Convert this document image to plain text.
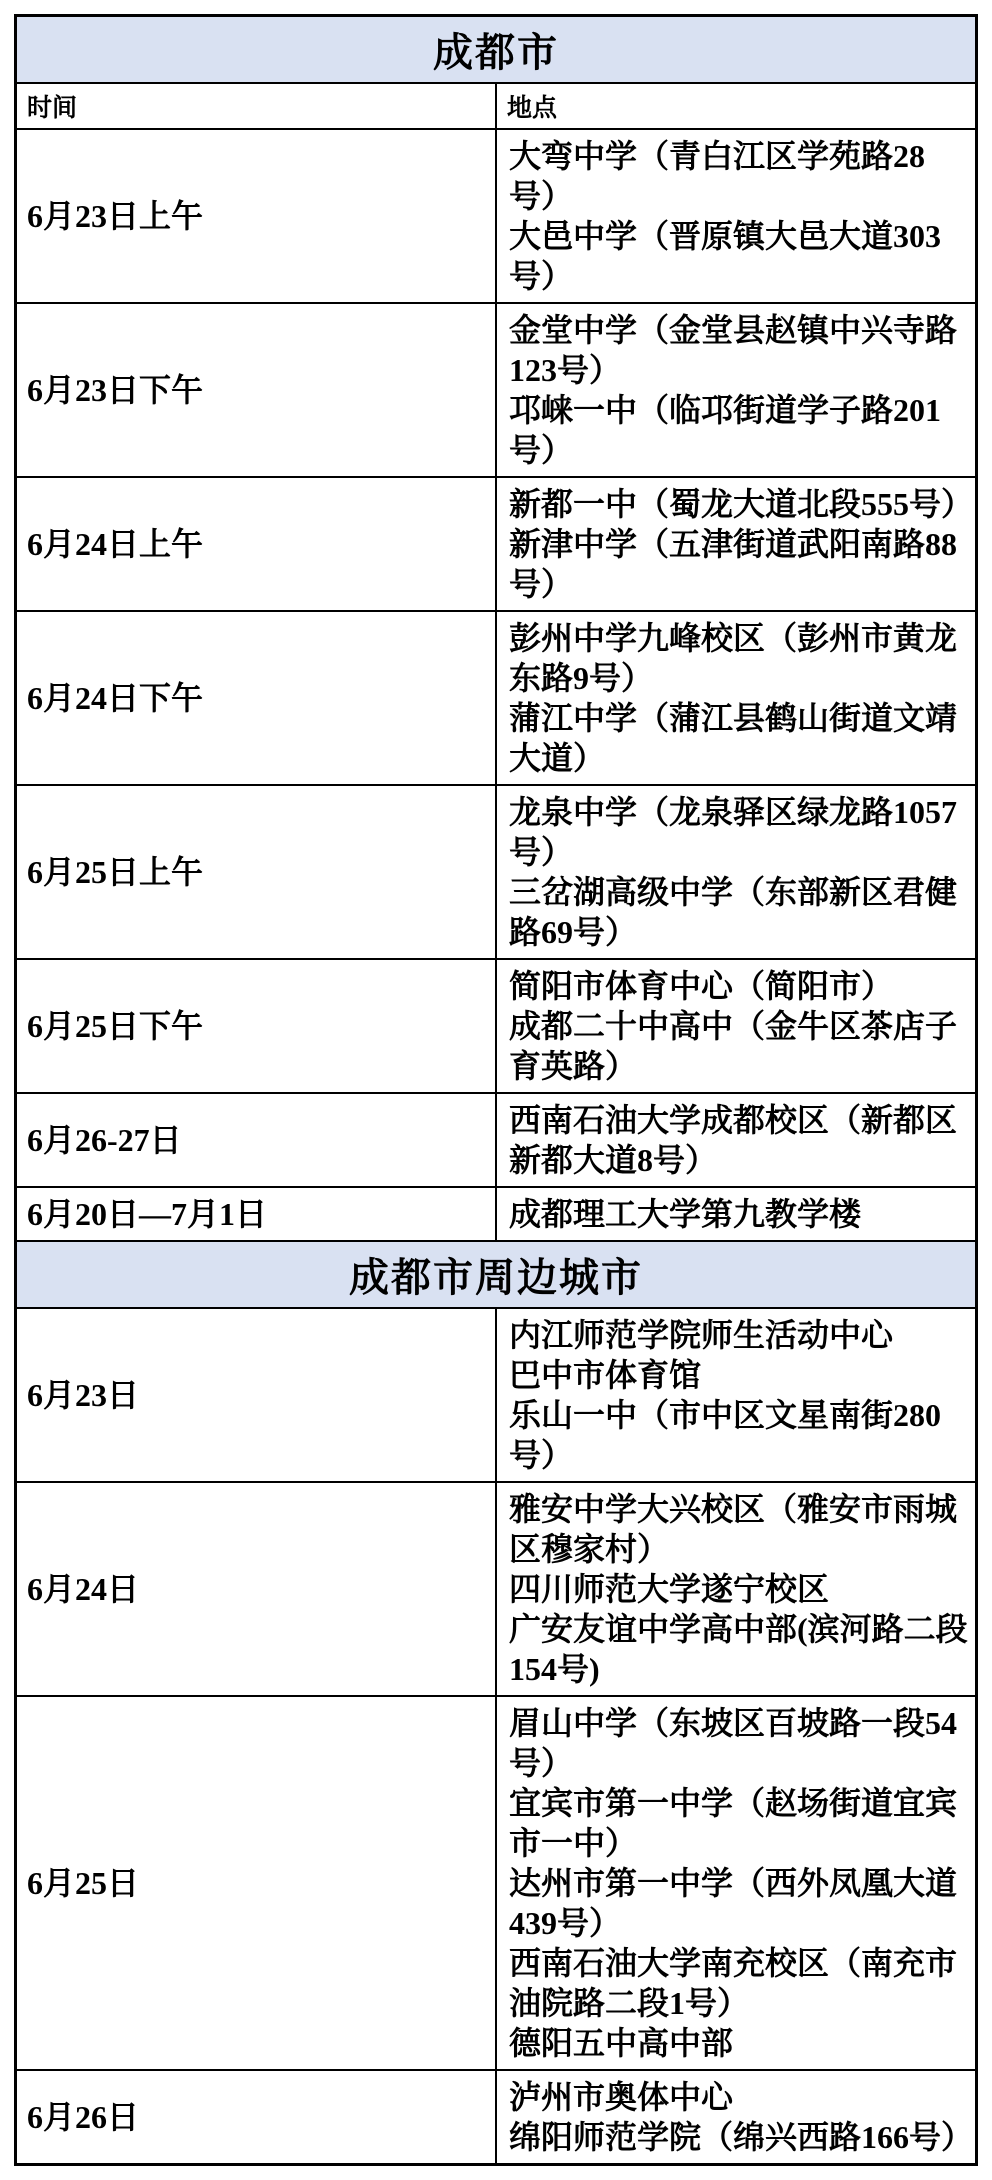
成都市	
时间	地点
6月23日上午	大弯中学（青白江区学苑路28号）
大邑中学（晋原镇大邑大道303号）

6月23日下午	金堂中学（金堂县赵镇中兴寺路123号）
邛崃一中（临邛街道学子路201号）

6月24日上午	新都一中（蜀龙大道北段555号）
新津中学（五津街道武阳南路88号）

6月24日下午	彭州中学九峰校区（彭州市黄龙东路9号）
蒲江中学（蒲江县鹤山街道文靖大道）

6月25日上午	龙泉中学（龙泉驿区绿龙路1057号）
三岔湖高级中学（东部新区君健路69号）

6月25日下午	简阳市体育中心（简阳市）
成都二十中高中（金牛区茶店子育英路）

6月26-27日	西南石油大学成都校区（新都区新都大道8号）

6月20日—7月1日	成都理工大学第九教学楼

成都市周边城市	
6月23日	内江师范学院师生活动中心
巴中市体育馆
乐山一中（市中区文星南街280号）

6月24日	雅安中学大兴校区（雅安市雨城区穆家村）
四川师范大学遂宁校区
广安友谊中学高中部(滨河路二段154号)

6月25日	眉山中学（东坡区百坡路一段54号）
宜宾市第一中学（赵场街道宜宾市一中）
达州市第一中学（西外凤凰大道439号）
西南石油大学南充校区（南充市油院路二段1号）
德阳五中高中部

6月26日	泸州市奥体中心
绵阳师范学院（绵兴西路166号）
